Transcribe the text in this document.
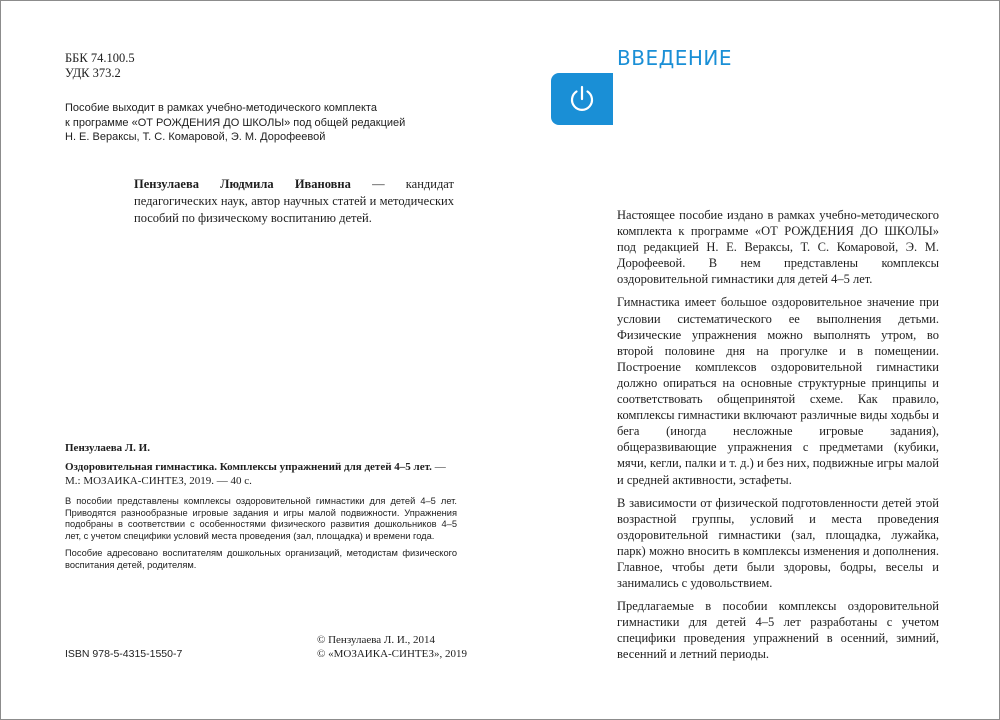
ББК 74.100.5
УДК 373.2
Пособие выходит в рамках учебно-методического комплекта
к программе «ОТ РОЖДЕНИЯ ДО ШКОЛЫ» под общей редакцией
Н. Е. Вераксы, Т. С. Комаровой, Э. М. Дорофеевой
Пензулаева Людмила Ивановна — кандидат педагогических наук, автор научных статей и методических пособий по физическому воспитанию детей.
Пензулаева Л. И.
Оздоровительная гимнастика. Комплексы упражнений для детей 4–5 лет. — М.: МОЗАИКА-СИНТЕЗ, 2019. — 40 с.

В пособии представлены комплексы оздоровительной гимнастики для детей 4–5 лет. Приводятся разнообразные игровые задания и игры малой подвижности. Упражнения подобраны в соответствии с особенностями физического развития дошкольников 4–5 лет, с учетом специфики условий места проведения (зал, площадка) и времени года.

Пособие адресовано воспитателям дошкольных организаций, методистам физического воспитания детей, родителям.

© Пензулаева Л. И., 2014
© «МОЗАИКА-СИНТЕЗ», 2019
ISBN 978-5-4315-1550-7
ВВЕДЕНИЕ

Настоящее пособие издано в рамках учебно-методического комплекта к программе «ОТ РОЖДЕНИЯ ДО ШКОЛЫ» под редакцией Н. Е. Вераксы, Т. С. Комаровой, Э. М. Дорофеевой. В нем представлены комплексы оздоровительной гимнастики для детей 4–5 лет.

Гимнастика имеет большое оздоровительное значение при условии систематического ее выполнения детьми. Физические упражнения можно выполнять утром, во второй половине дня на прогулке и в помещении. Построение комплексов оздоровительной гимнастики должно опираться на основные структурные принципы и соответствовать общепринятой схеме. Как правило, комплексы гимнастики включают различные виды ходьбы и бега (иногда несложные игровые задания), общеразвивающие упражнения с предметами (кубики, мячи, кегли, палки и т. д.) и без них, подвижные игры малой и средней активности, эстафеты.

В зависимости от физической подготовленности детей этой возрастной группы, условий и места проведения оздоровительной гимнастики (зал, площадка, лужайка, парк) можно вносить в комплексы изменения и дополнения. Главное, чтобы дети были здоровы, бодры, веселы и занимались с удовольствием.

Предлагаемые в пособии комплексы оздоровительной гимнастики для детей 4–5 лет разработаны с учетом специфики проведения упражнений в осенний, зимний, весенний и летний периоды.
